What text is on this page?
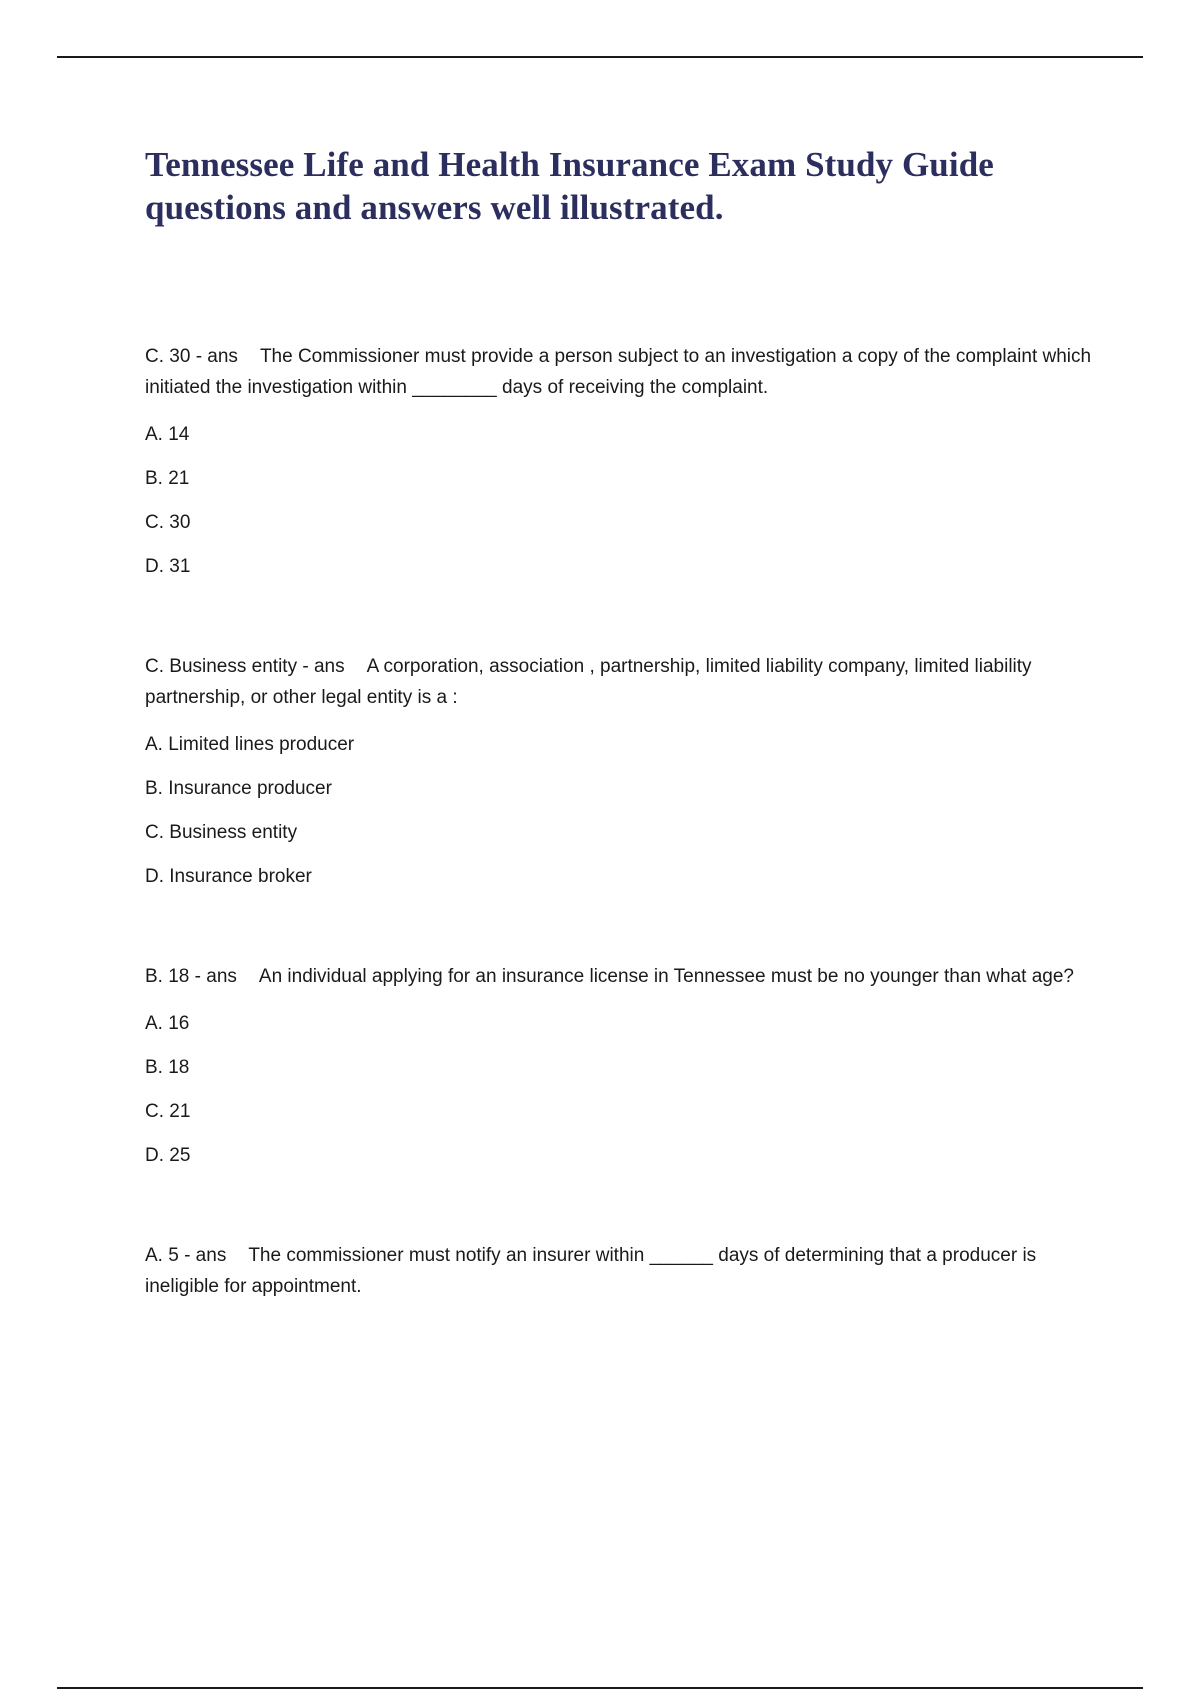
Tennessee Life and Health Insurance Exam Study Guide questions and answers well illustrated.

C. 30 - ans The Commissioner must provide a person subject to an investigation a copy of the complaint which initiated the investigation within ________ days of receiving the complaint.

A. 14

B. 21

C. 30

D. 31

C. Business entity - ans A corporation, association , partnership, limited liability company, limited liability partnership, or other legal entity is a :

A. Limited lines producer

B. Insurance producer

C. Business entity

D. Insurance broker

B. 18 - ans An individual applying for an insurance license in Tennessee must be no younger than what age?

A. 16

B. 18

C. 21

D. 25

A. 5 - ans The commissioner must notify an insurer within ______ days of determining that a producer is ineligible for appointment.
